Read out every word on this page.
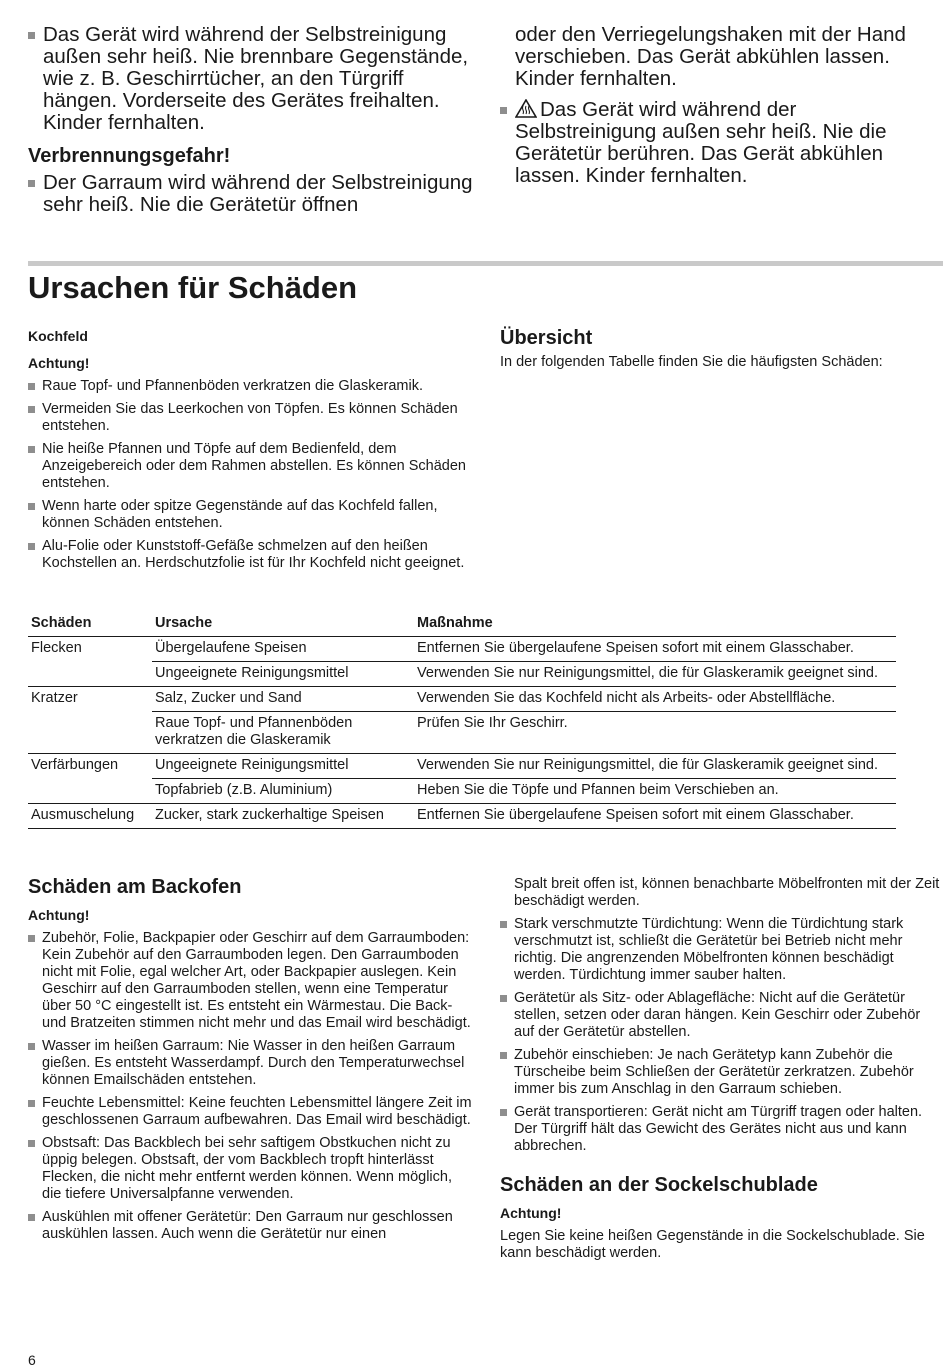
Das Gerät wird während der Selbstreinigung außen sehr heiß. Nie brennbare Gegenstände, wie z. B. Geschirrtücher, an den Türgriff hängen. Vorderseite des Gerätes freihalten. Kinder fernhalten.
Verbrennungsgefahr!
Der Garraum wird während der Selbstreinigung sehr heiß. Nie die Gerätetür öffnen
oder den Verriegelungshaken mit der Hand verschieben. Das Gerät abkühlen lassen. Kinder fernhalten.
Das Gerät wird während der Selbstreinigung außen sehr heiß. Nie die Gerätetür berühren. Das Gerät abkühlen lassen. Kinder fernhalten.
Ursachen für Schäden
Kochfeld
Achtung!
Raue Topf- und Pfannenböden verkratzen die Glaskeramik.
Vermeiden Sie das Leerkochen von Töpfen. Es können Schäden entstehen.
Nie heiße Pfannen und Töpfe auf dem Bedienfeld, dem Anzeigebereich oder dem Rahmen abstellen. Es können Schäden entstehen.
Wenn harte oder spitze Gegenstände auf das Kochfeld fallen, können Schäden entstehen.
Alu-Folie oder Kunststoff-Gefäße schmelzen auf den heißen Kochstellen an. Herdschutzfolie ist für Ihr Kochfeld nicht geeignet.
Übersicht
In der folgenden Tabelle finden Sie die häufigsten Schäden:
Schäden	Ursache	Maßnahme
Flecken	Übergelaufene Speisen	Entfernen Sie übergelaufene Speisen sofort mit einem Glasschaber.
	Ungeeignete Reinigungsmittel	Verwenden Sie nur Reinigungsmittel, die für Glaskeramik geeignet sind.
Kratzer	Salz, Zucker und Sand	Verwenden Sie das Kochfeld nicht als Arbeits- oder Abstellfläche.
	Raue Topf- und Pfannenböden verkratzen die Glaskeramik	Prüfen Sie Ihr Geschirr.
Verfärbungen	Ungeeignete Reinigungsmittel	Verwenden Sie nur Reinigungsmittel, die für Glaskeramik geeignet sind.
	Topfabrieb (z.B. Aluminium)	Heben Sie die Töpfe und Pfannen beim Verschieben an.
Ausmuschelung	Zucker, stark zuckerhaltige Speisen	Entfernen Sie übergelaufene Speisen sofort mit einem Glasschaber.
Schäden am Backofen
Achtung!
Zubehör, Folie, Backpapier oder Geschirr auf dem Garraumboden: Kein Zubehör auf den Garraumboden legen. Den Garraumboden nicht mit Folie, egal welcher Art, oder Backpapier auslegen. Kein Geschirr auf den Garraumboden stellen, wenn eine Temperatur über 50 °C eingestellt ist. Es entsteht ein Wärmestau. Die Back- und Bratzeiten stimmen nicht mehr und das Email wird beschädigt.
Wasser im heißen Garraum: Nie Wasser in den heißen Garraum gießen. Es entsteht Wasserdampf. Durch den Temperaturwechsel können Emailschäden entstehen.
Feuchte Lebensmittel: Keine feuchten Lebensmittel längere Zeit im geschlossenen Garraum aufbewahren. Das Email wird beschädigt.
Obstsaft: Das Backblech bei sehr saftigem Obstkuchen nicht zu üppig belegen. Obstsaft, der vom Backblech tropft hinterlässt Flecken, die nicht mehr entfernt werden können. Wenn möglich, die tiefere Universalpfanne verwenden.
Auskühlen mit offener Gerätetür: Den Garraum nur geschlossen auskühlen lassen. Auch wenn die Gerätetür nur einen
Spalt breit offen ist, können benachbarte Möbelfronten mit der Zeit beschädigt werden.
Stark verschmutzte Türdichtung: Wenn die Türdichtung stark verschmutzt ist, schließt die Gerätetür bei Betrieb nicht mehr richtig. Die angrenzenden Möbelfronten können beschädigt werden. Türdichtung immer sauber halten.
Gerätetür als Sitz- oder Ablagefläche: Nicht auf die Gerätetür stellen, setzen oder daran hängen. Kein Geschirr oder Zubehör auf der Gerätetür abstellen.
Zubehör einschieben: Je nach Gerätetyp kann Zubehör die Türscheibe beim Schließen der Gerätetür zerkratzen. Zubehör immer bis zum Anschlag in den Garraum schieben.
Gerät transportieren: Gerät nicht am Türgriff tragen oder halten. Der Türgriff hält das Gewicht des Gerätes nicht aus und kann abbrechen.
Schäden an der Sockelschublade
Achtung!
Legen Sie keine heißen Gegenstände in die Sockelschublade. Sie kann beschädigt werden.
6
